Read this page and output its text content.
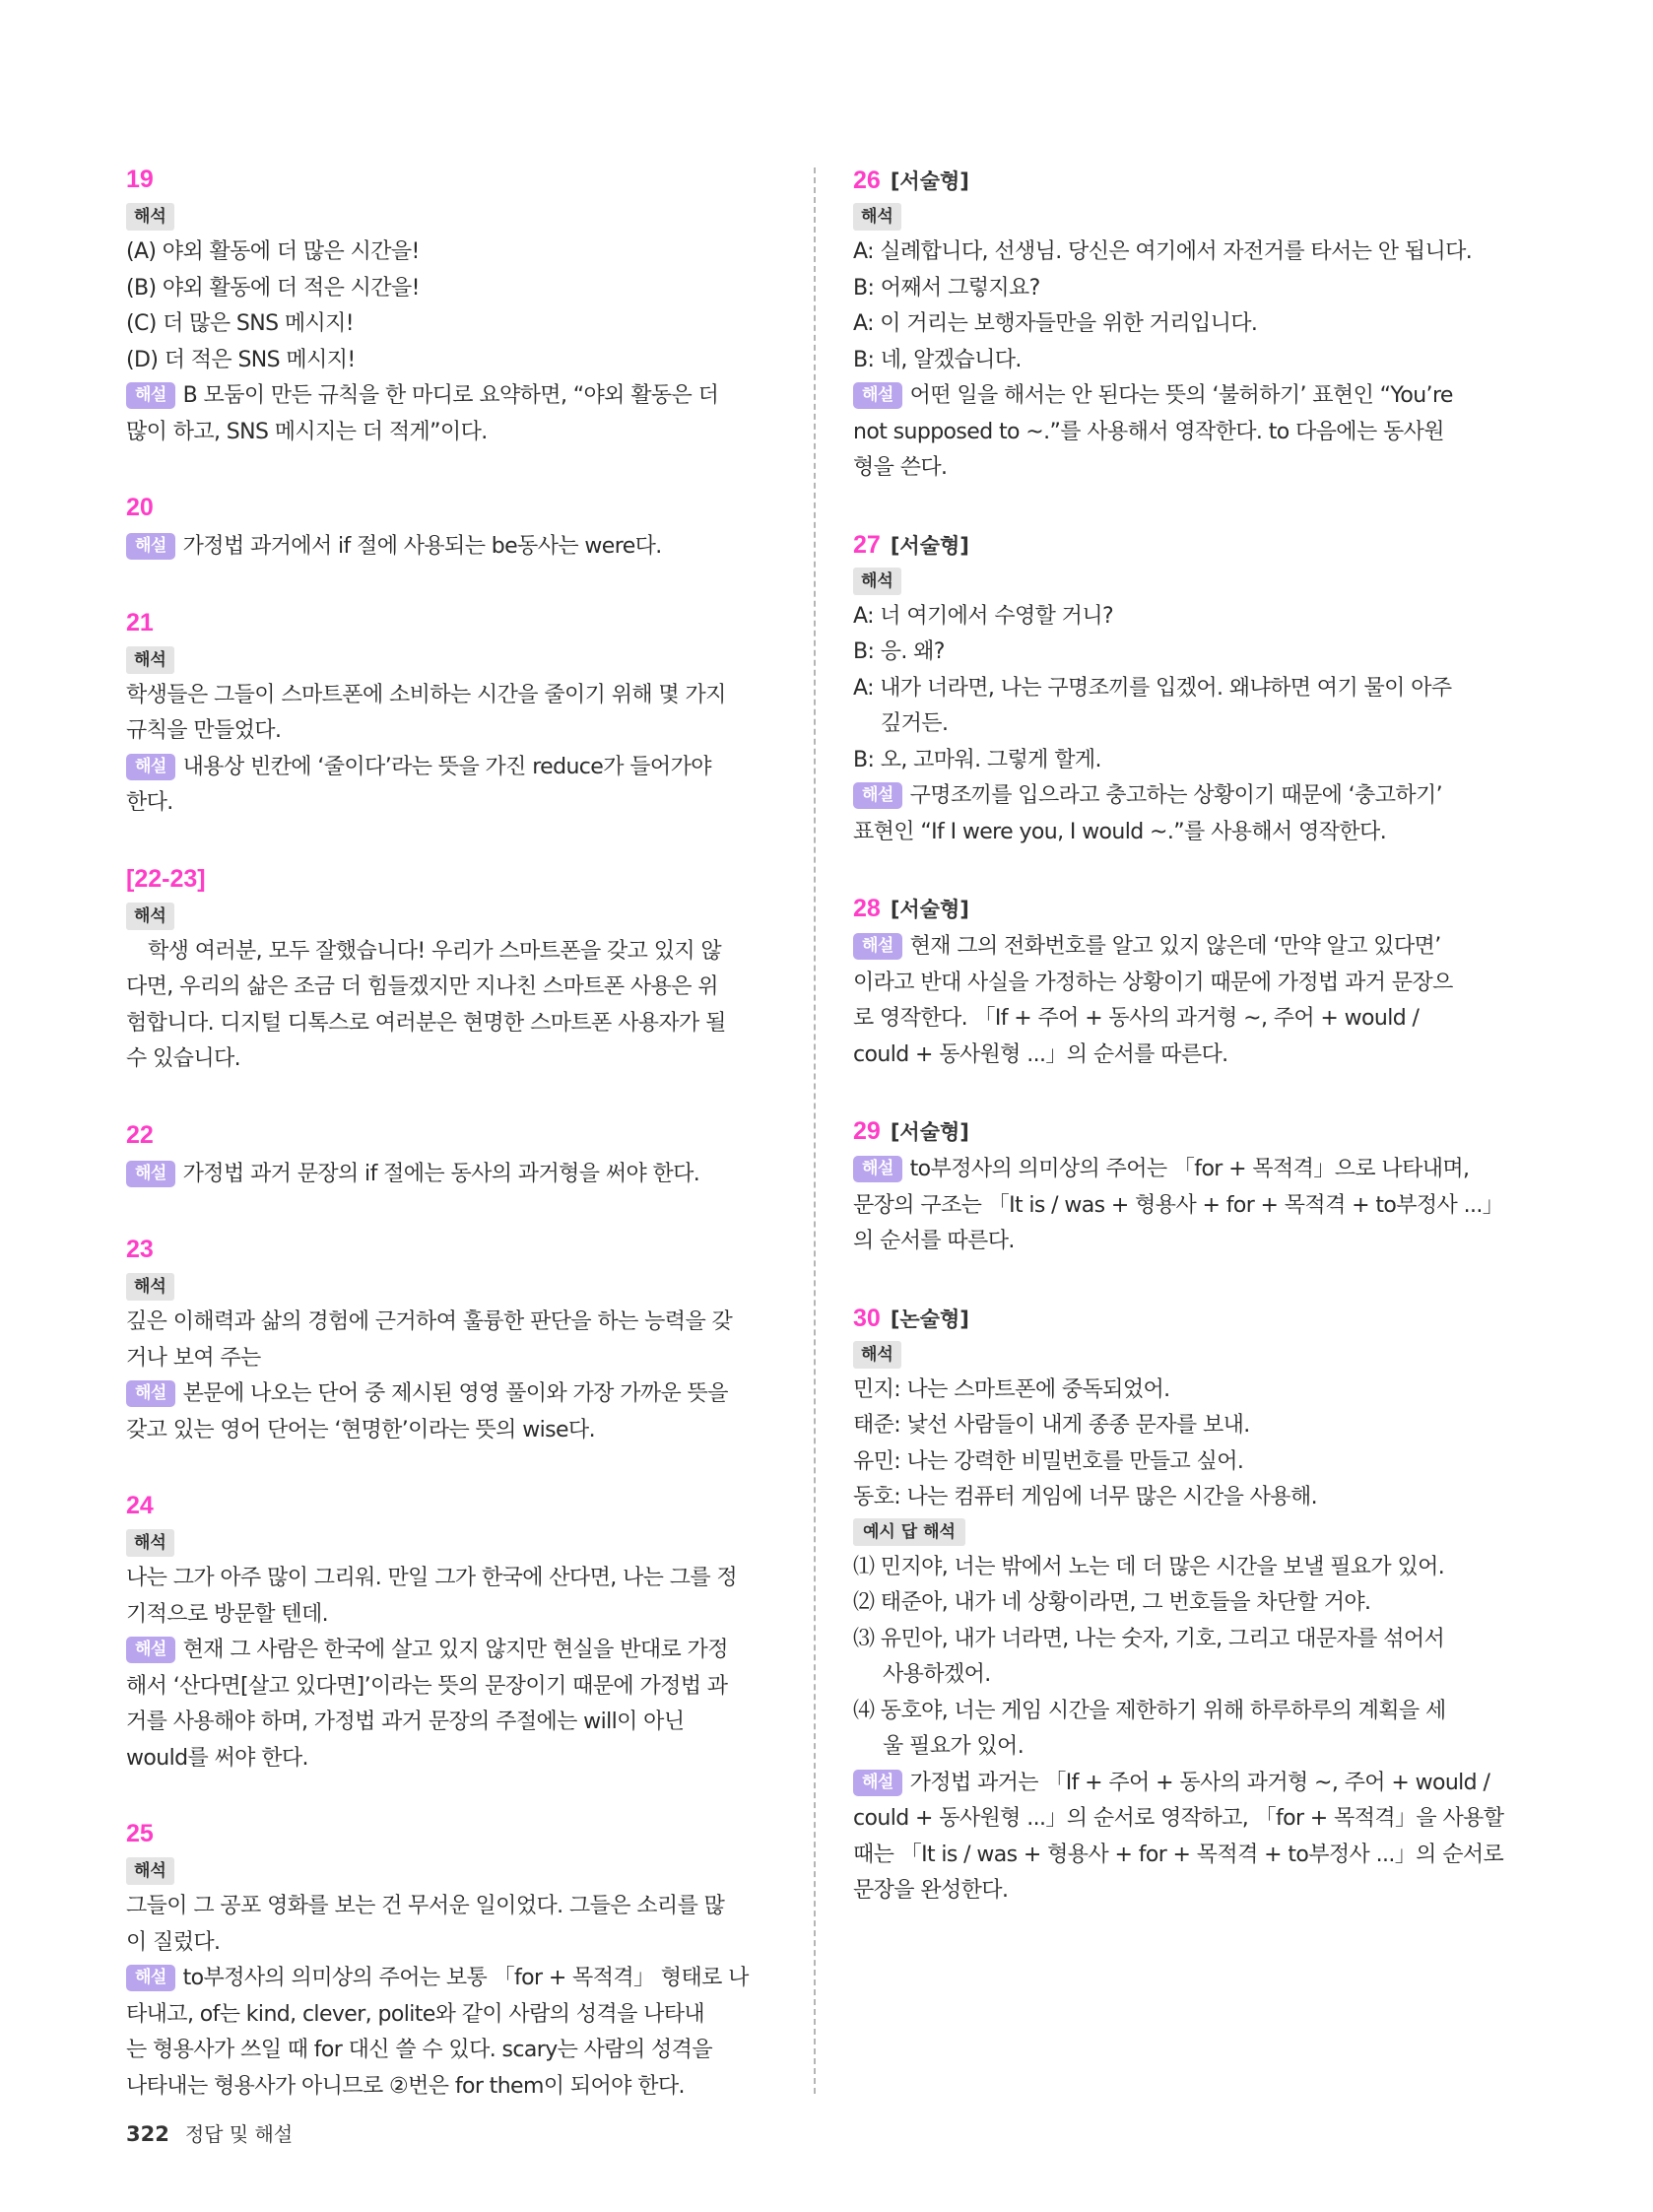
19
해석
(A) 야외 활동에 더 많은 시간을!
(B) 야외 활동에 더 적은 시간을!
(C) 더 많은 SNS 메시지!
(D) 더 적은 SNS 메시지!
해설 B 모둠이 만든 규칙을 한 마디로 요약하면, “야외 활동은 더
많이 하고, SNS 메시지는 더 적게”이다.
20
해설 가정법 과거에서 if 절에 사용되는 be동사는 were다.
21
해석
학생들은 그들이 스마트폰에 소비하는 시간을 줄이기 위해 몇 가지
규칙을 만들었다.
해설 내용상 빈칸에 ‘줄이다’라는 뜻을 가진 reduce가 들어가야
한다.
[22-23]
해석
학생 여러분, 모두 잘했습니다! 우리가 스마트폰을 갖고 있지 않
다면, 우리의 삶은 조금 더 힘들겠지만 지나친 스마트폰 사용은 위
험합니다. 디지털 디톡스로 여러분은 현명한 스마트폰 사용자가 될
수 있습니다.
22
해설 가정법 과거 문장의 if 절에는 동사의 과거형을 써야 한다.
23
해석
깊은 이해력과 삶의 경험에 근거하여 훌륭한 판단을 하는 능력을 갖
거나 보여 주는
해설 본문에 나오는 단어 중 제시된 영영 풀이와 가장 가까운 뜻을
갖고 있는 영어 단어는 ‘현명한’이라는 뜻의 wise다.
24
해석
나는 그가 아주 많이 그리워. 만일 그가 한국에 산다면, 나는 그를 정
기적으로 방문할 텐데.
해설 현재 그 사람은 한국에 살고 있지 않지만 현실을 반대로 가정
해서 ‘산다면[살고 있다면]’이라는 뜻의 문장이기 때문에 가정법 과
거를 사용해야 하며, 가정법 과거 문장의 주절에는 will이 아닌
would를 써야 한다.
25
해석
그들이 그 공포 영화를 보는 건 무서운 일이었다. 그들은 소리를 많
이 질렀다.
해설 to부정사의 의미상의 주어는 보통 「for + 목적격」 형태로 나
타내고, of는 kind, clever, polite와 같이 사람의 성격을 나타내
는 형용사가 쓰일 때 for 대신 쓸 수 있다. scary는 사람의 성격을
나타내는 형용사가 아니므로 ②번은 for them이 되어야 한다.
26 [서술형]
해석
A: 실례합니다, 선생님. 당신은 여기에서 자전거를 타서는 안 됩니다.
B: 어째서 그렇지요?
A: 이 거리는 보행자들만을 위한 거리입니다.
B: 네, 알겠습니다.
해설 어떤 일을 해서는 안 된다는 뜻의 ‘불허하기’ 표현인 “You’re
not supposed to ~.”를 사용해서 영작한다. to 다음에는 동사원
형을 쓴다.
27 [서술형]
해석
A: 너 여기에서 수영할 거니?
B: 응. 왜?
A: 내가 너라면, 나는 구명조끼를 입겠어. 왜냐하면 여기 물이 아주
깊거든.
B: 오, 고마워. 그렇게 할게.
해설 구명조끼를 입으라고 충고하는 상황이기 때문에 ‘충고하기’
표현인 “If I were you, I would ~.”를 사용해서 영작한다.
28 [서술형]
해설 현재 그의 전화번호를 알고 있지 않은데 ‘만약 알고 있다면’
이라고 반대 사실을 가정하는 상황이기 때문에 가정법 과거 문장으
로 영작한다. 「If + 주어 + 동사의 과거형 ~, 주어 + would /
could + 동사원형 ...」의 순서를 따른다.
29 [서술형]
해설 to부정사의 의미상의 주어는 「for + 목적격」으로 나타내며,
문장의 구조는 「It is / was + 형용사 + for + 목적격 + to부정사 ...」
의 순서를 따른다.
30 [논술형]
해석
민지: 나는 스마트폰에 중독되었어.
태준: 낯선 사람들이 내게 종종 문자를 보내.
유민: 나는 강력한 비밀번호를 만들고 싶어.
동호: 나는 컴퓨터 게임에 너무 많은 시간을 사용해.
예시 답 해석
⑴ 민지야, 너는 밖에서 노는 데 더 많은 시간을 보낼 필요가 있어.
⑵ 태준아, 내가 네 상황이라면, 그 번호들을 차단할 거야.
⑶ 유민아, 내가 너라면, 나는 숫자, 기호, 그리고 대문자를 섞어서
사용하겠어.
⑷ 동호야, 너는 게임 시간을 제한하기 위해 하루하루의 계획을 세
울 필요가 있어.
해설 가정법 과거는 「If + 주어 + 동사의 과거형 ~, 주어 + would /
could + 동사원형 ...」의 순서로 영작하고, 「for + 목적격」을 사용할
때는 「It is / was + 형용사 + for + 목적격 + to부정사 ...」의 순서로
문장을 완성한다.
322 정답 및 해설
